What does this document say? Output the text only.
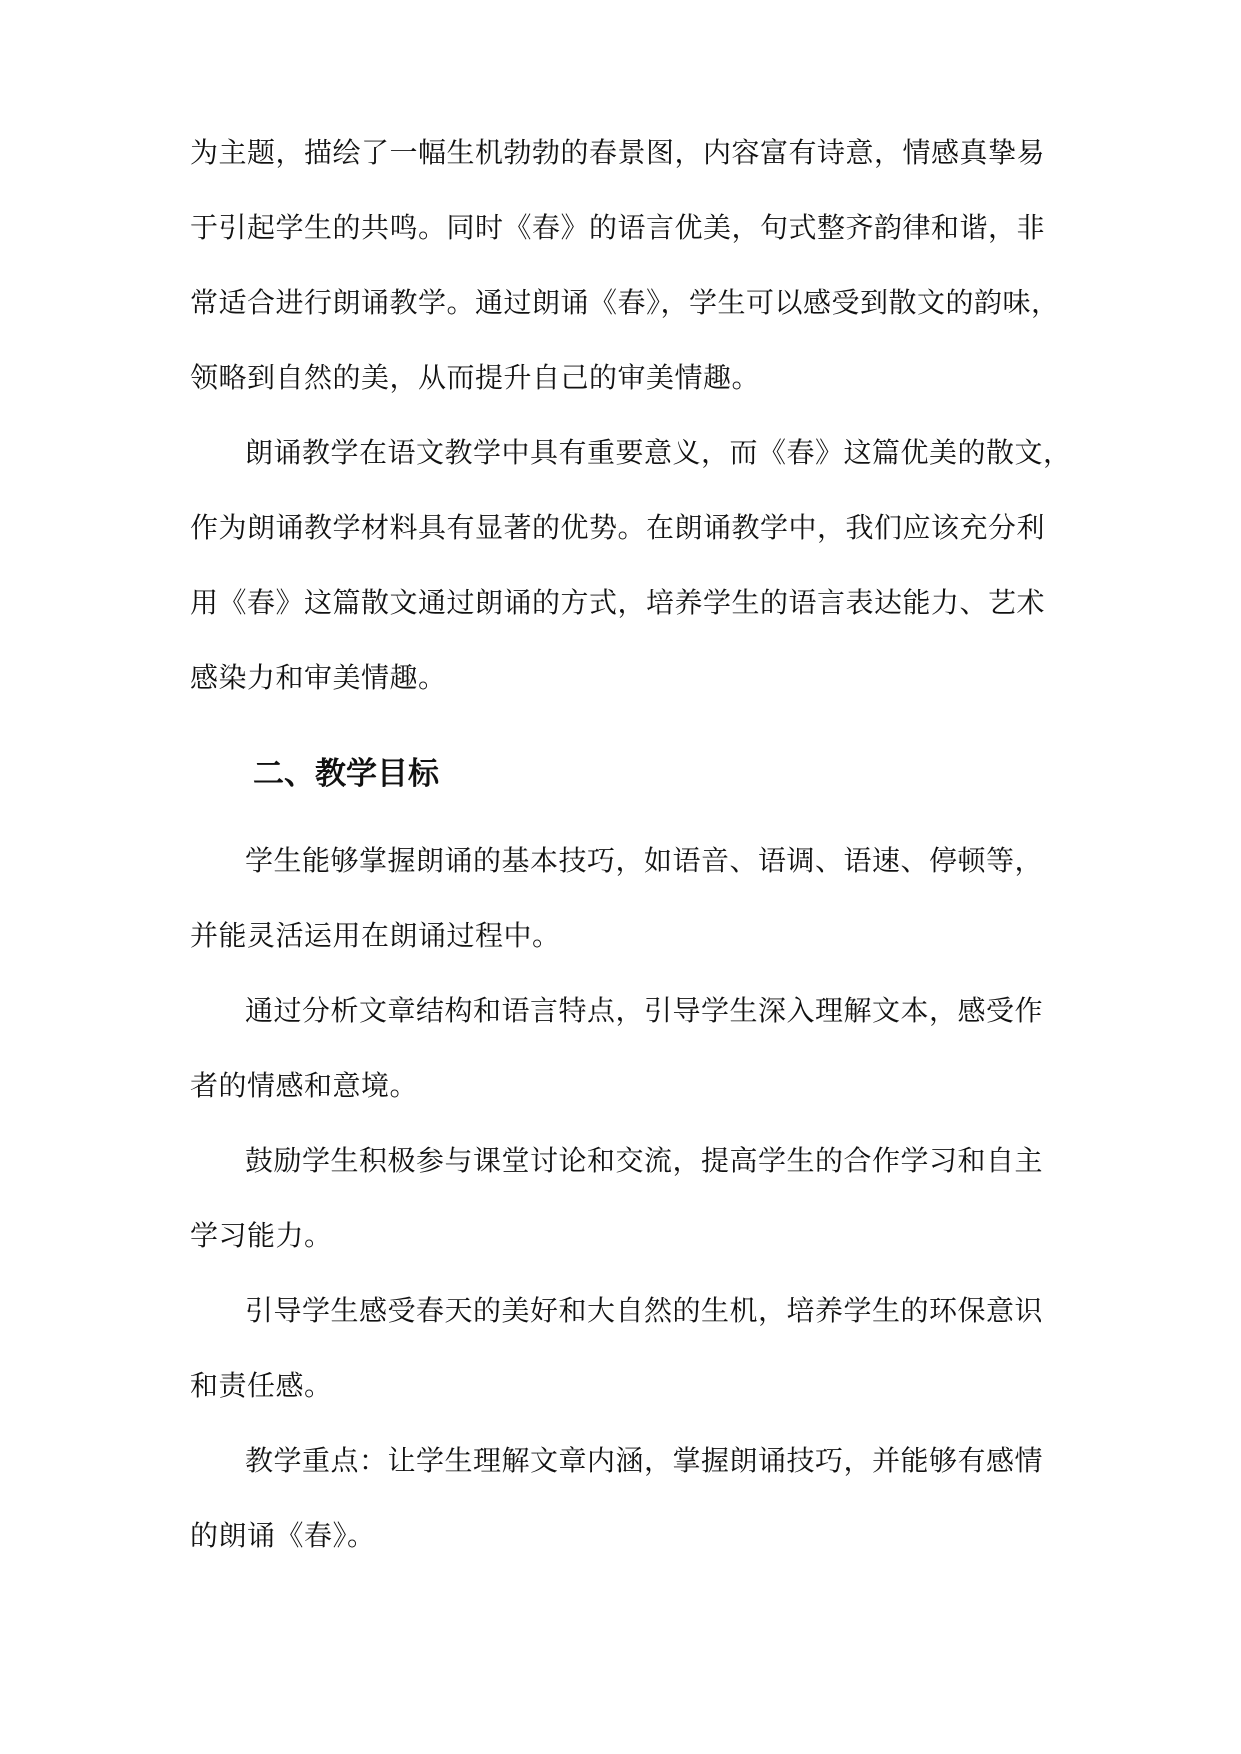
为主题，描绘了一幅生机勃勃的春景图，内容富有诗意，情感真挚易
于引起学生的共鸣。同时《春》的语言优美，句式整齐韵律和谐，非
常适合进行朗诵教学。通过朗诵《春》，学生可以感受到散文的韵味，
领略到自然的美，从而提升自己的审美情趣。
朗诵教学在语文教学中具有重要意义，而《春》这篇优美的散文，
作为朗诵教学材料具有显著的优势。在朗诵教学中，我们应该充分利
用《春》这篇散文通过朗诵的方式，培养学生的语言表达能力、艺术
感染力和审美情趣。
二、教学目标
学生能够掌握朗诵的基本技巧，如语音、语调、语速、停顿等，
并能灵活运用在朗诵过程中。
通过分析文章结构和语言特点，引导学生深入理解文本，感受作
者的情感和意境。
鼓励学生积极参与课堂讨论和交流，提高学生的合作学习和自主
学习能力。
引导学生感受春天的美好和大自然的生机，培养学生的环保意识
和责任感。
教学重点：让学生理解文章内涵，掌握朗诵技巧，并能够有感情
的朗诵《春》。
